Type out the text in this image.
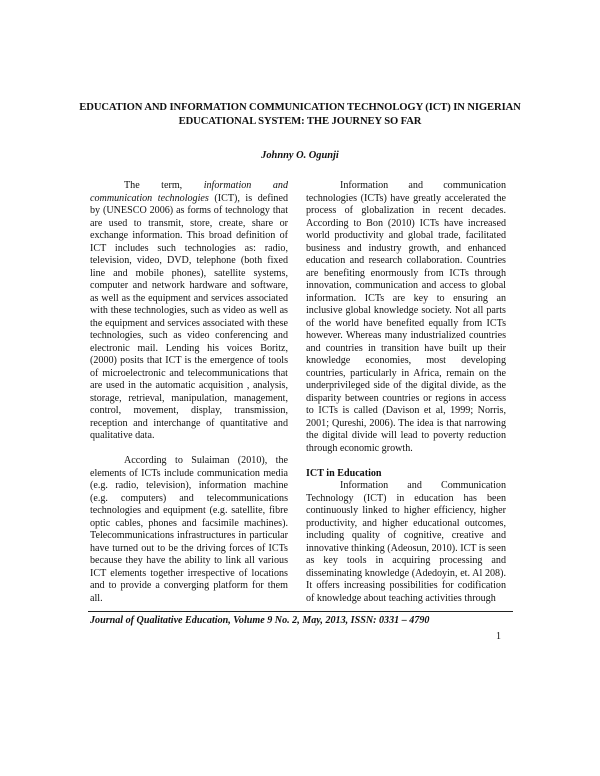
EDUCATION AND INFORMATION COMMUNICATION TECHNOLOGY (ICT) IN NIGERIAN EDUCATIONAL SYSTEM: THE JOURNEY SO FAR
Johnny O. Ogunji

The term, information and communication technologies (ICT), is defined by (UNESCO 2006) as forms of technology that are used to transmit, store, create, share or exchange information. This broad definition of ICT includes such technologies as: radio, television, video, DVD, telephone (both fixed line and mobile phones), satellite systems, computer and network hardware and software, as well as the equipment and services associated with these technologies, such as video as well as the equipment and services associated with these technologies, such as video conferencing and electronic mail. Lending his voices Boritz, (2000) posits that ICT is the emergence of tools of microelectronic and telecommunications that are used in the automatic acquisition , analysis, storage, retrieval, manipulation, management, control, movement, display, transmission, reception and interchange of quantitative and qualitative data.

According to Sulaiman (2010), the elements of ICTs include communication media (e.g. radio, television), information machine (e.g. computers) and telecommunications technologies and equipment (e.g. satellite, fibre optic cables, phones and facsimile machines). Telecommunications infrastructures in particular have turned out to be the driving forces of ICTs because they have the ability to link all various ICT elements together irrespective of locations and to provide a converging platform for them all.

Information and communication technologies (ICTs) have greatly accelerated the process of globalization in recent decades. According to Bon (2010) ICTs have increased world productivity and global trade, facilitated business and industry growth, and enhanced education and research collaboration. Countries are benefiting enormously from ICTs through innovation, communication and access to global information. ICTs are key to ensuring an inclusive global knowledge society. Not all parts of the world have benefited equally from ICTs however. Whereas many industrialized countries and countries in transition have built up their knowledge economies, most developing countries, particularly in Africa, remain on the underprivileged side of the digital divide, as the disparity between countries or regions in access to ICTs is called (Davison et al, 1999; Norris, 2001; Qureshi, 2006). The idea is that narrowing the digital divide will lead to poverty reduction through economic growth.

ICT in Education

Information and Communication Technology (ICT) in education has been continuously linked to higher efficiency, higher productivity, and higher educational outcomes, including quality of cognitive, creative and innovative thinking (Adeosun, 2010). ICT is seen as key tools in acquiring processing and disseminating knowledge (Adedoyin, et. Al 208). It offers increasing possibilities for codification of knowledge about teaching activities through

Journal of Qualitative Education, Volume 9 No. 2, May, 2013, ISSN: 0331 – 4790
1
